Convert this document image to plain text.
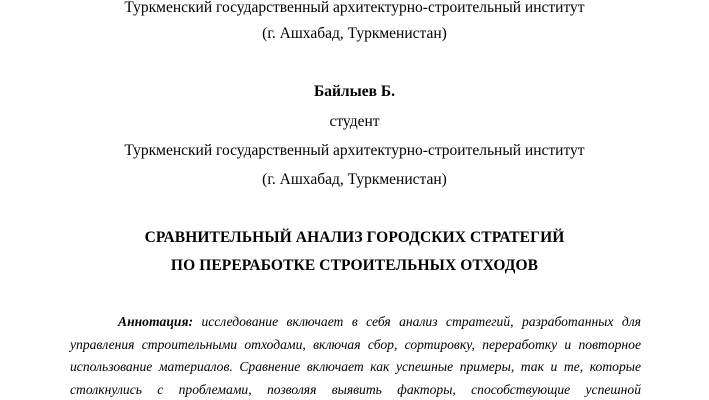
Туркменский государственный архитектурно-строительный институт
(г. Ашхабад, Туркменистан)
Байлыев Б.
студент
Туркменский государственный архитектурно-строительный институт
(г. Ашхабад, Туркменистан)
СРАВНИТЕЛЬНЫЙ АНАЛИЗ ГОРОДСКИХ СТРАТЕГИЙ
ПО ПЕРЕРАБОТКЕ СТРОИТЕЛЬНЫХ ОТХОДОВ
Аннотация: исследование включает в себя анализ стратегий, разработанных для
управления строительными отходами, включая сбор, сортировку, переработку и повторное
использование материалов. Сравнение включает как успешные примеры, так и те, которые
столкнулись с проблемами, позволяя выявить факторы, способствующие успешной
